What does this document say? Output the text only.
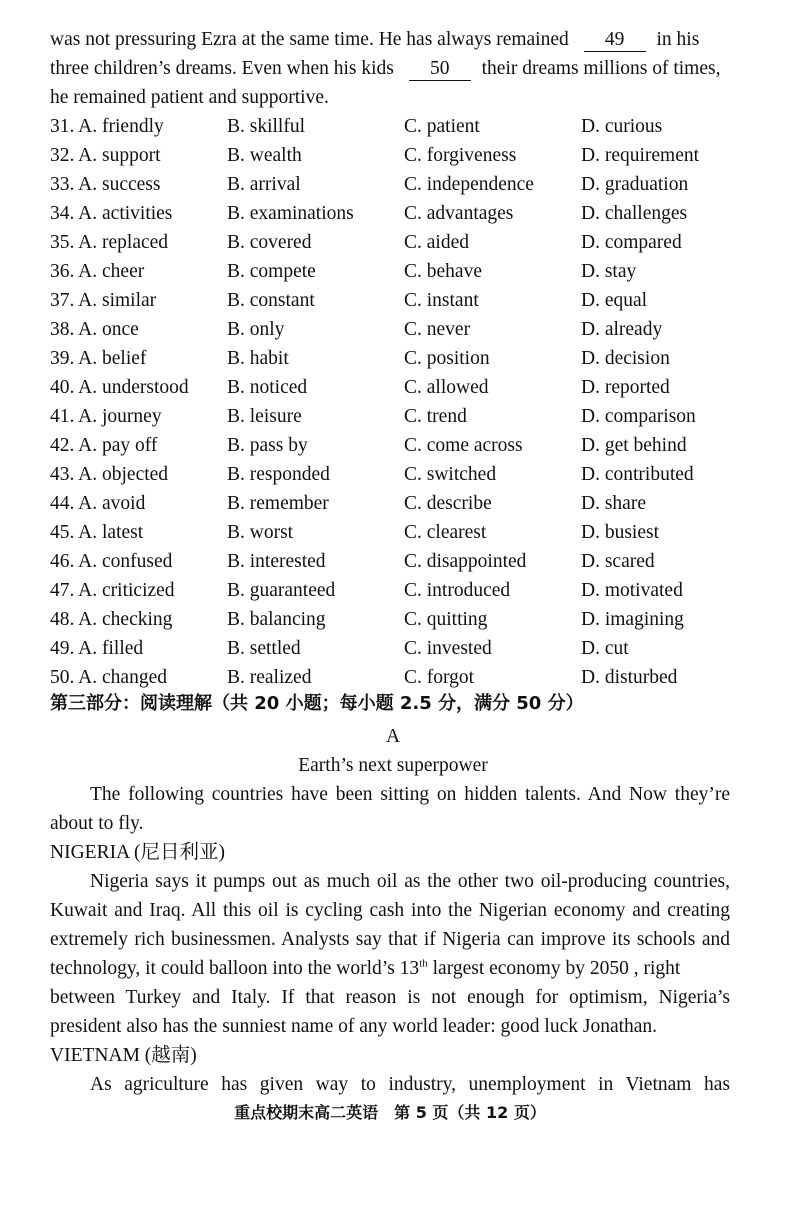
was not pressuring Ezra at the same time. He has always remained 49 in his
three children’s dreams. Even when his kids 50 their dreams millions of times,
he remained patient and supportive.
31. A. friendly	B. skillful	C. patient	D. curious
32. A. support	B. wealth	C. forgiveness	D. requirement
33. A. success	B. arrival	C. independence D. graduation
34. A. activities	B. examinations	C. advantages	D. challenges
35. A. replaced	B. covered	C. aided	D. compared
36. A. cheer	B. compete	C. behave	D. stay
37. A. similar	B. constant	C. instant	D. equal
38. A. once	B. only	C. never	D. already
39. A. belief	B. habit	C. position	D. decision
40. A. understood B. noticed	C. allowed	D. reported
41. A. journey	B. leisure	C. trend	D. comparison
42. A. pay off	B. pass by	C. come across	D. get behind
43. A. objected	B. responded	C. switched	D. contributed
44. A. avoid	B. remember	C. describe	D. share
45. A. latest	B. worst	C. clearest	D. busiest
46. A. confused	B. interested	C. disappointed	D. scared
47. A. criticized	B. guaranteed	C. introduced	D. motivated
48. A. checking	B. balancing	C. quitting	D. imagining
49. A. filled	B. settled	C. invested	D. cut
50. A. changed	B. realized	C. forgot	D. disturbed
第三部分：阅读理解（共 20 小题；每小题 2.5 分，满分 50 分）
A
Earth’s next superpower
The following countries have been sitting on hidden talents. And Now they’re
about to fly.
NIGERIA (尼日利亚)
Nigeria says it pumps out as much oil as the other two oil-producing countries,
Kuwait and Iraq. All this oil is cycling cash into the Nigerian economy and creating
extremely rich businessmen. Analysts say that if Nigeria can improve its schools and
technology, it could balloon into the world’s 13th largest economy by 2050 , right
between Turkey and Italy. If that reason is not enough for optimism, Nigeria’s
president also has the sunniest name of any world leader: good luck Jonathan.
VIETNAM (越南)
As agriculture has given way to industry, unemployment in Vietnam has
重点校期末高二英语　第 5 页（共 12 页）
